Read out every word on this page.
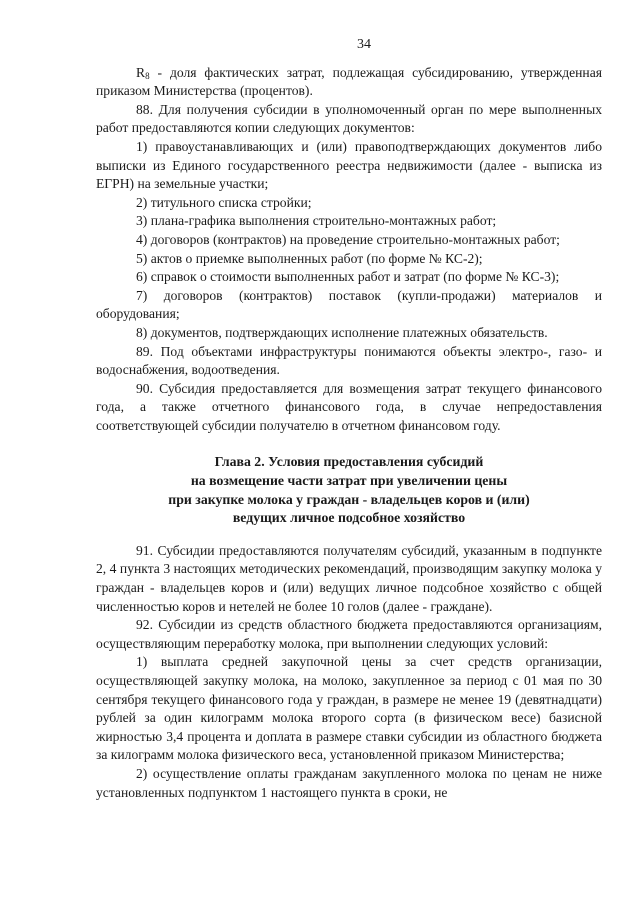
34

$R_8$ - доля фактических затрат, подлежащая субсидированию, утвержденная приказом Министерства (процентов).

88. Для получения субсидии в уполномоченный орган по мере выполненных работ предоставляются копии следующих документов:

1) правоустанавливающих и (или) правоподтверждающих документов либо выписки из Единого государственного реестра недвижимости (далее - выписка из ЕГРН) на земельные участки;

2) титульного списка стройки;

3) плана-графика выполнения строительно-монтажных работ;

4) договоров (контрактов) на проведение строительно-монтажных работ;

5) актов о приемке выполненных работ (по форме № КС-2);

6) справок о стоимости выполненных работ и затрат (по форме № КС-3);

7) договоров (контрактов) поставок (купли-продажи) материалов и оборудования;

8) документов, подтверждающих исполнение платежных обязательств.

89. Под объектами инфраструктуры понимаются объекты электро-, газо- и водоснабжения, водоотведения.

90. Субсидия предоставляется для возмещения затрат текущего финансового года, а также отчетного финансового года, в случае непредоставления соответствующей субсидии получателю в отчетном финансовом году.

Глава 2. Условия предоставления субсидий
на возмещение части затрат при увеличении цены
при закупке молока у граждан - владельцев коров и (или)
ведущих личное подсобное хозяйство

91. Субсидии предоставляются получателям субсидий, указанным в подпункте 2, 4 пункта 3 настоящих методических рекомендаций, производящим закупку молока у граждан - владельцев коров и (или) ведущих личное подсобное хозяйство с общей численностью коров и нетелей не более 10 голов (далее - граждане).

92. Субсидии из средств областного бюджета предоставляются организациям, осуществляющим переработку молока, при выполнении следующих условий:

1) выплата средней закупочной цены за счет средств организации, осуществляющей закупку молока, на молоко, закупленное за период с 01 мая по 30 сентября текущего финансового года у граждан, в размере не менее 19 (девятнадцати) рублей за один килограмм молока второго сорта (в физическом весе) базисной жирностью 3,4 процента и доплата в размере ставки субсидии из областного бюджета за килограмм молока физического веса, установленной приказом Министерства;

2) осуществление оплаты гражданам закупленного молока по ценам не ниже установленных подпунктом 1 настоящего пункта в сроки, не
